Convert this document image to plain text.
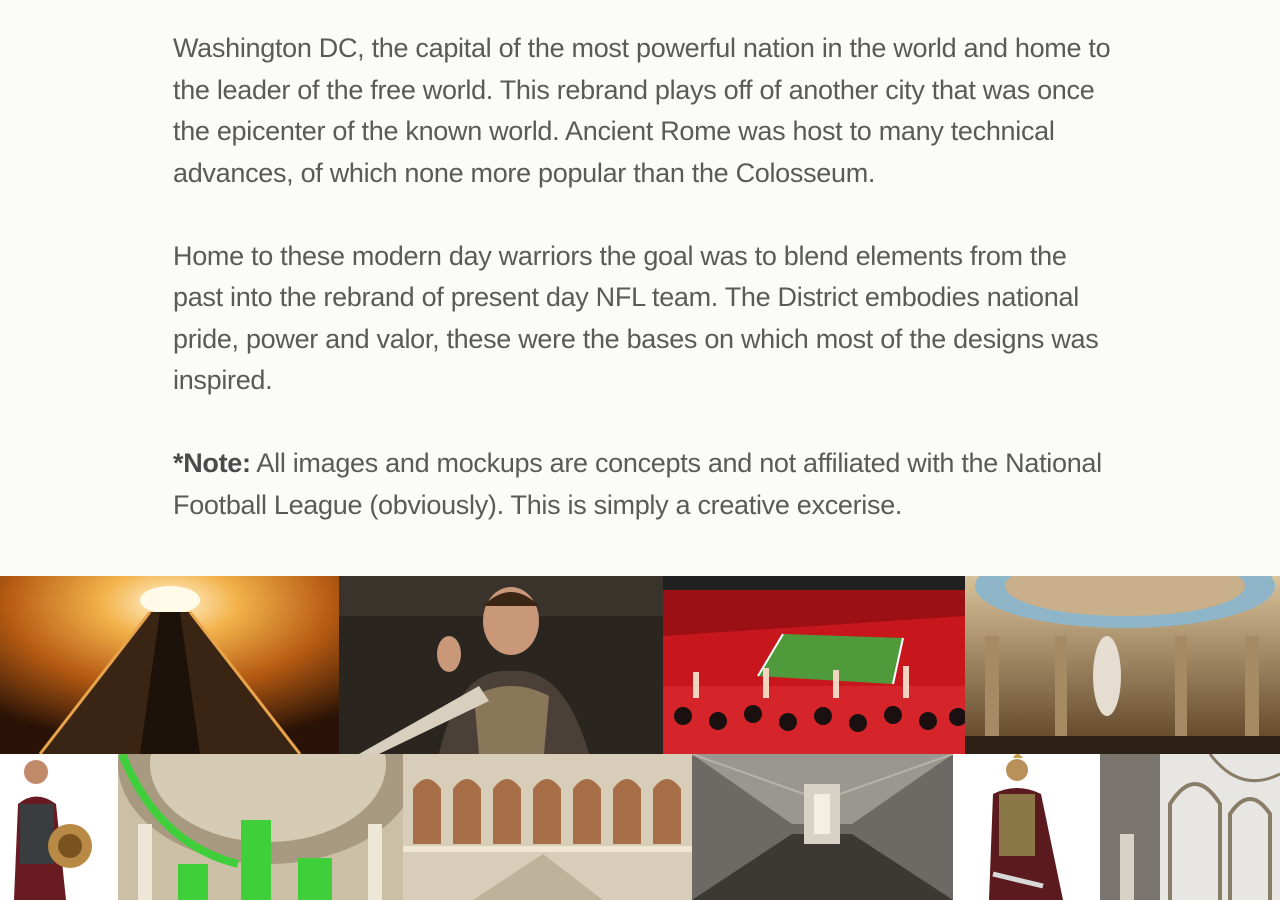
Washington DC, the capital of the most powerful nation in the world and home to the leader of the free world. This rebrand plays off of another city that was once the epicenter of the known world. Ancient Rome was host to many technical advances, of which none more popular than the Colosseum.

Home to these modern day warriors the goal was to blend elements from the past into the rebrand of present day NFL team. The District embodies national pride, power and valor, these were the bases on which most of the designs was inspired.

*Note: All images and mockups are concepts and not affiliated with the National Football League (obviously). This is simply a creative excerise.
